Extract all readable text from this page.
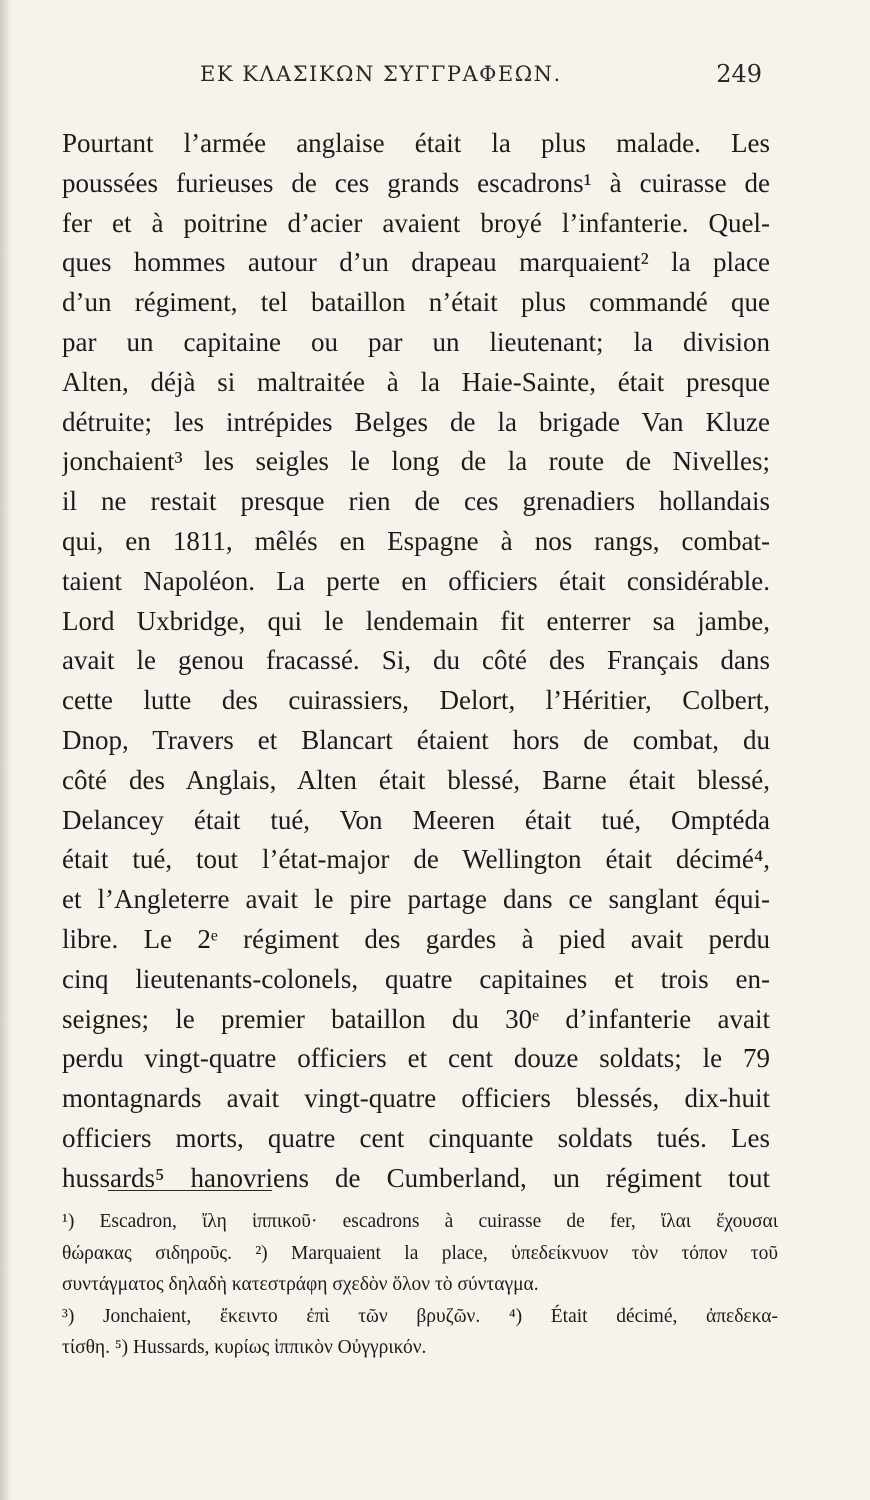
ΕΚ ΚΛΑΣΙΚΩΝ ΣΥΓΓΡΑΦΕΩΝ.	249
Pourtant l’armée anglaise était la plus malade. Les
poussées furieuses de ces grands escadrons¹ à cuirasse de
fer et à poitrine d’acier avaient broyé l’infanterie. Quel-
ques hommes autour d’un drapeau marquaient² la place
d’un régiment, tel bataillon n’était plus commandé que
par un capitaine ou par un lieutenant; la division
Alten, déjà si maltraitée à la Haie-Sainte, était presque
détruite; les intrépides Belges de la brigade Van Kluze
jonchaient³ les seigles le long de la route de Nivelles;
il ne restait presque rien de ces grenadiers hollandais
qui, en 1811, mêlés en Espagne à nos rangs, combat-
taient Napoléon. La perte en officiers était considérable.
Lord Uxbridge, qui le lendemain fit enterrer sa jambe,
avait le genou fracassé. Si, du côté des Français dans
cette lutte des cuirassiers, Delort, l’Héritier, Colbert,
Dnop, Travers et Blancart étaient hors de combat, du
côté des Anglais, Alten était blessé, Barne était blessé,
Delancey était tué, Von Meeren était tué, Omptéda
était tué, tout l’état-major de Wellington était décimé⁴,
et l’Angleterre avait le pire partage dans ce sanglant équi-
libre. Le 2ᵉ régiment des gardes à pied avait perdu
cinq lieutenants-colonels, quatre capitaines et trois en-
seignes; le premier bataillon du 30ᵉ d’infanterie avait
perdu vingt-quatre officiers et cent douze soldats; le 79
montagnards avait vingt-quatre officiers blessés, dix-huit
officiers morts, quatre cent cinquante soldats tués. Les
hussards⁵ hanovriens de Cumberland, un régiment tout
¹) Escadron, ἴλη ἱππικοῦ· escadrons à cuirasse de fer, ἴλαι ἔχουσαι
θώρακας σιδηροῦς. ²) Marquaient la place, ὑπεδείκνυον τὸν τόπον τοῦ
συντάγματος δηλαδὴ κατεστράφη σχεδὸν ὅλον τὸ σύνταγμα.
³) Jonchaient, ἔκειντο ἐπὶ τῶν βρυζῶν. ⁴) Était décimé, ἀπεδεκα-
τίσθη. ⁵) Hussards, κυρίως ἱππικὸν Οὐγγρικόν.
